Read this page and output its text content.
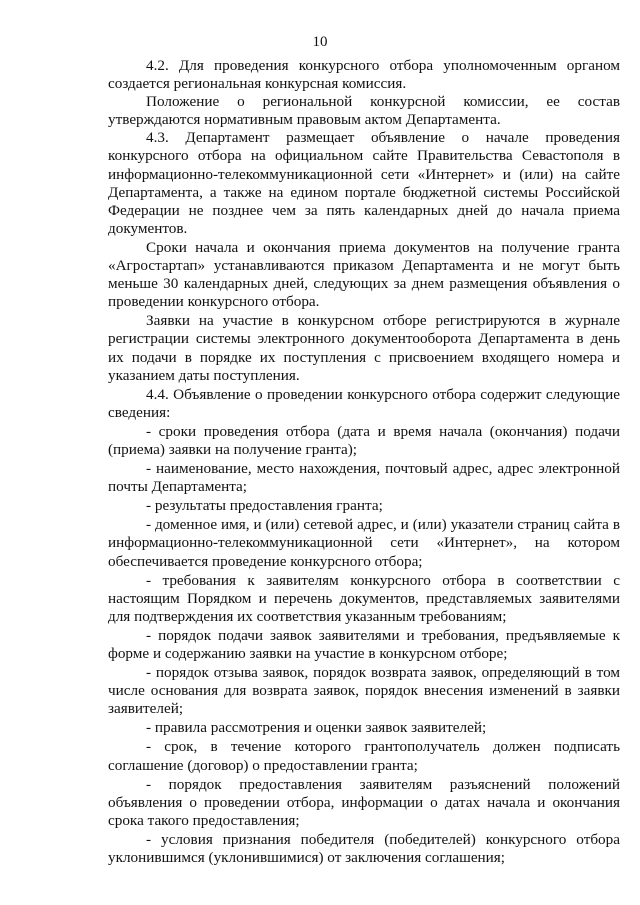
10

4.2. Для проведения конкурсного отбора уполномоченным органом создается региональная конкурсная комиссия.

Положение о региональной конкурсной комиссии, ее состав утверждаются нормативным правовым актом Департамента.

4.3. Департамент размещает объявление о начале проведения конкурсного отбора на официальном сайте Правительства Севастополя в информационно-телекоммуникационной сети «Интернет» и (или) на сайте Департамента, а также на едином портале бюджетной системы Российской Федерации не позднее чем за пять календарных дней до начала приема документов.

Сроки начала и окончания приема документов на получение гранта «Агростартап» устанавливаются приказом Департамента и не могут быть меньше 30 календарных дней, следующих за днем размещения объявления о проведении конкурсного отбора.

Заявки на участие в конкурсном отборе регистрируются в журнале регистрации системы электронного документооборота Департамента в день их подачи в порядке их поступления с присвоением входящего номера и указанием даты поступления.

4.4. Объявление о проведении конкурсного отбора содержит следующие сведения:

- сроки проведения отбора (дата и время начала (окончания) подачи (приема) заявки на получение гранта);

- наименование, место нахождения, почтовый адрес, адрес электронной почты Департамента;

- результаты предоставления гранта;

- доменное имя, и (или) сетевой адрес, и (или) указатели страниц сайта в информационно-телекоммуникационной сети «Интернет», на котором обеспечивается проведение конкурсного отбора;

- требования к заявителям конкурсного отбора в соответствии с настоящим Порядком и перечень документов, представляемых заявителями для подтверждения их соответствия указанным требованиям;

- порядок подачи заявок заявителями и требования, предъявляемые к форме и содержанию заявки на участие в конкурсном отборе;

- порядок отзыва заявок, порядок возврата заявок, определяющий в том числе основания для возврата заявок, порядок внесения изменений в заявки заявителей;

- правила рассмотрения и оценки заявок заявителей;

- срок, в течение которого грантополучатель должен подписать соглашение (договор) о предоставлении гранта;

- порядок предоставления заявителям разъяснений положений объявления о проведении отбора, информации о датах начала и окончания срока такого предоставления;

- условия признания победителя (победителей) конкурсного отбора уклонившимся (уклонившимися) от заключения соглашения;
